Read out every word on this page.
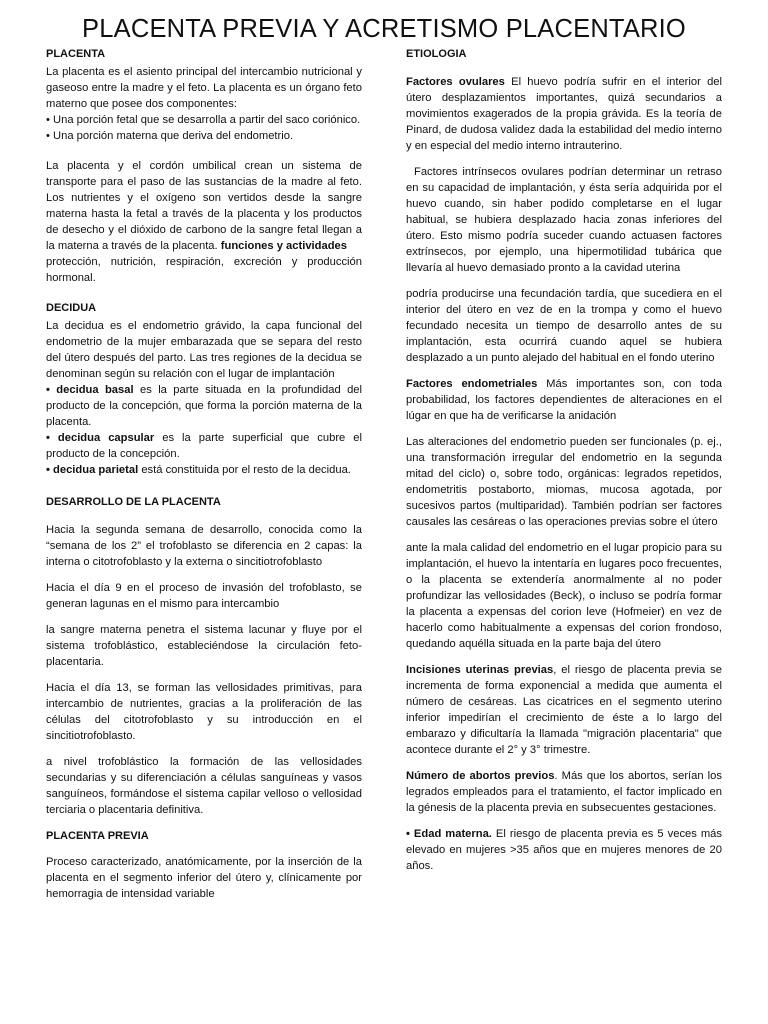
PLACENTA PREVIA Y ACRETISMO PLACENTARIO
PLACENTA

La placenta es el asiento principal del intercambio nutricional y gaseoso entre la madre y el feto. La placenta es un órgano feto materno que posee dos componentes:

• Una porción fetal que se desarrolla a partir del saco coriónico.

• Una porción materna que deriva del endometrio.

La placenta y el cordón umbilical crean un sistema de transporte para el paso de las sustancias de la madre al feto. Los nutrientes y el oxígeno son vertidos desde la sangre materna hasta la fetal a través de la placenta y los productos de desecho y el dióxido de carbono de la sangre fetal llegan a la materna a través de la placenta. funciones y actividades

protección, nutrición, respiración, excreción y producción hormonal.

DECIDUA

La decidua es el endometrio grávido, la capa funcional del endometrio de la mujer embarazada que se separa del resto del útero después del parto. Las tres regiones de la decidua se denominan según su relación con el lugar de implantación

• decidua basal es la parte situada en la profundidad del producto de la concepción, que forma la porción materna de la placenta.

• decidua capsular es la parte superficial que cubre el producto de la concepción.

• decidua parietal está constituida por el resto de la decidua.

DESARROLLO DE LA PLACENTA

Hacia la segunda semana de desarrollo, conocida como la “semana de los 2” el trofoblasto se diferencia en 2 capas: la interna o citotrofoblasto y la externa o sincitiotrofoblasto

Hacia el día 9 en el proceso de invasión del trofoblasto, se generan lagunas en el mismo para intercambio

la sangre materna penetra el sistema lacunar y fluye por el sistema trofoblástico, estableciéndose la circulación feto-placentaria.

Hacia el día 13, se forman las vellosidades primitivas, para intercambio de nutrientes, gracias a la proliferación de las células del citotrofoblasto y su introducción en el sincitiotrofoblasto.

a nivel trofoblástico la formación de las vellosidades secundarias y su diferenciación a células sanguíneas y vasos sanguíneos, formándose el sistema capilar velloso o vellosidad terciaria o placentaria definitiva.

PLACENTA PREVIA

Proceso caracterizado, anatómicamente, por la inserción de la placenta en el segmento inferior del útero y, clínicamente por hemorragia de intensidad variable

ETIOLOGIA

Factores ovulares El huevo podría sufrir en el interior del útero desplazamientos importantes, quizá secundarios a movimientos exagerados de la propia grávida. Es la teoría de Pinard, de dudosa validez dada la estabilidad del medio interno y en especial del medio interno intrauterino.

Factores intrínsecos ovulares podrían determinar un retraso en su capacidad de implantación, y ésta sería adquirida por el huevo cuando, sin haber podido completarse en el lugar habitual, se hubiera desplazado hacia zonas inferiores del útero. Esto mismo podría suceder cuando actuasen factores extrínsecos, por ejemplo, una hipermotilidad tubárica que llevaría al huevo demasiado pronto a la cavidad uterina

podría producirse una fecundación tardía, que sucediera en el interior del útero en vez de en la trompa y como el huevo fecundado necesita un tiempo de desarrollo antes de su implantación, esta ocurrirá cuando aquel se hubiera desplazado a un punto alejado del habitual en el fondo uterino

Factores endometriales Más importantes son, con toda probabilidad, los factores dependientes de alteraciones en el lúgar en que ha de verificarse la anidación

Las alteraciones del endometrio pueden ser funcionales (p. ej., una transformación irregular del endometrio en la segunda mitad del ciclo) o, sobre todo, orgánicas: legrados repetidos, endometritis postaborto, miomas, mucosa agotada, por sucesivos partos (multiparidad). También podrían ser factores causales las cesáreas o las operaciones previas sobre el útero

ante la mala calidad del endometrio en el lugar propicio para su implantación, el huevo la intentaría en lugares poco frecuentes, o la placenta se extendería anormalmente al no poder profundizar las vellosidades (Beck), o incluso se podría formar la placenta a expensas del corion leve (Hofmeier) en vez de hacerlo como habitualmente a expensas del corion frondoso, quedando aquélla situada en la parte baja del útero

Incisiones uterinas previas, el riesgo de placenta previa se incrementa de forma exponencial a medida que aumenta el número de cesáreas. Las cicatrices en el segmento uterino inferior impedirían el crecimiento de éste a lo largo del embarazo y dificultaría la llamada "migración placentaria" que acontece durante el 2° y 3° trimestre.

Número de abortos previos. Más que los abortos, serían los legrados empleados para el tratamiento, el factor implicado en la génesis de la placenta previa en subsecuentes gestaciones.

• Edad materna. El riesgo de placenta previa es 5 veces más elevado en mujeres >35 años que en mujeres menores de 20 años.
